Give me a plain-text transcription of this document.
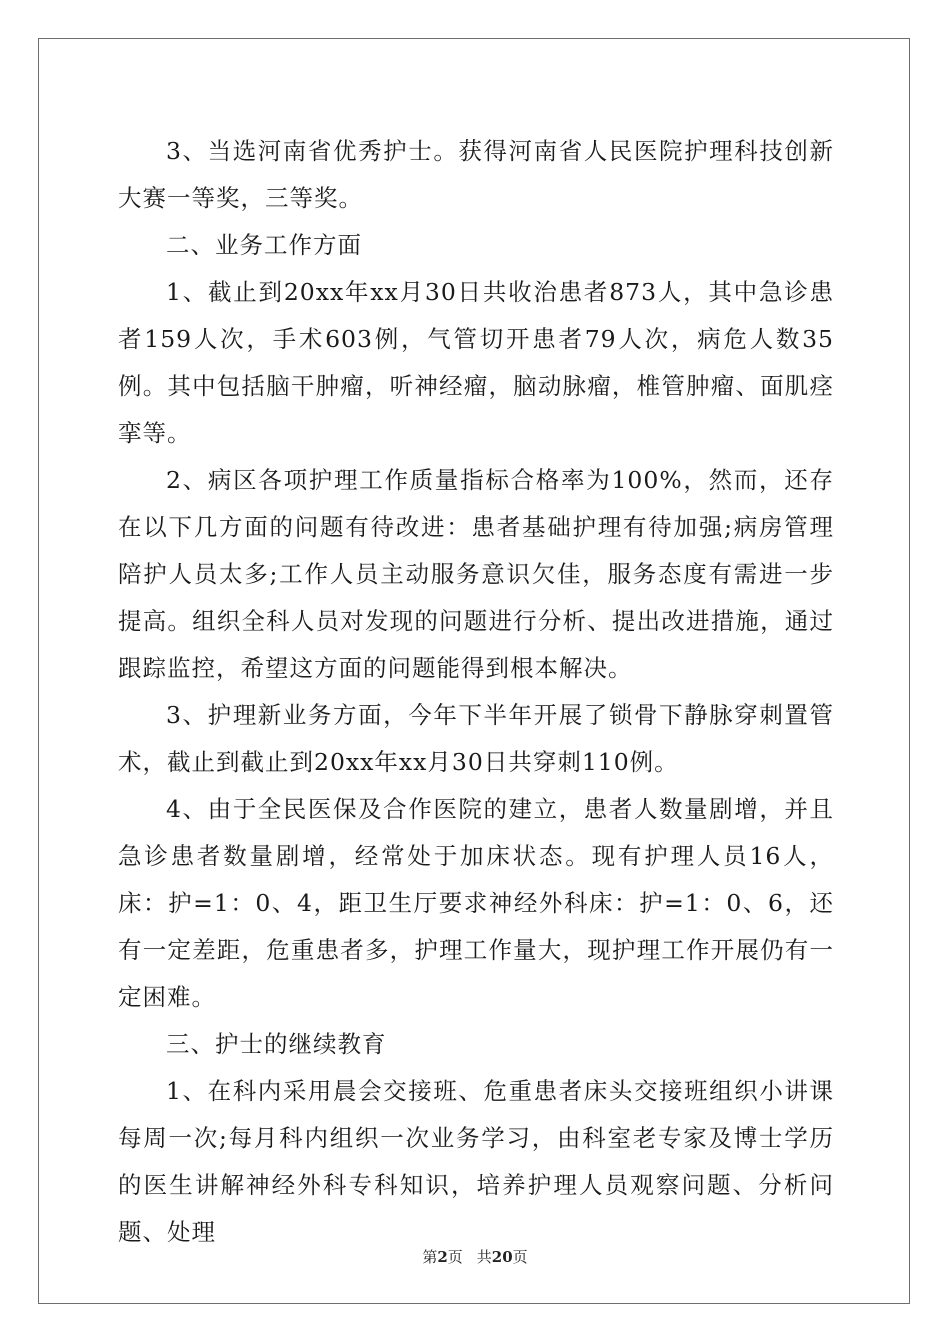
3、当选河南省优秀护士。获得河南省人民医院护理科技创新大赛一等奖，三等奖。

二、业务工作方面

1、截止到20xx年xx月30日共收治患者873人，其中急诊患者159人次，手术603例，气管切开患者79人次，病危人数35例。其中包括脑干肿瘤，听神经瘤，脑动脉瘤，椎管肿瘤、面肌痉挛等。

2、病区各项护理工作质量指标合格率为100%，然而，还存在以下几方面的问题有待改进：患者基础护理有待加强;病房管理陪护人员太多;工作人员主动服务意识欠佳，服务态度有需进一步提高。组织全科人员对发现的问题进行分析、提出改进措施，通过跟踪监控，希望这方面的问题能得到根本解决。

3、护理新业务方面，今年下半年开展了锁骨下静脉穿刺置管术，截止到截止到20xx年xx月30日共穿刺110例。

4、由于全民医保及合作医院的建立，患者人数量剧增，并且急诊患者数量剧增，经常处于加床状态。现有护理人员16人，床：护=1：0、4，距卫生厅要求神经外科床：护=1：0、6，还有一定差距，危重患者多，护理工作量大，现护理工作开展仍有一定困难。

三、护士的继续教育

1、在科内采用晨会交接班、危重患者床头交接班组织小讲课每周一次;每月科内组织一次业务学习，由科室老专家及博士学历的医生讲解神经外科专科知识，培养护理人员观察问题、分析问题、处理

第2页 共20页
